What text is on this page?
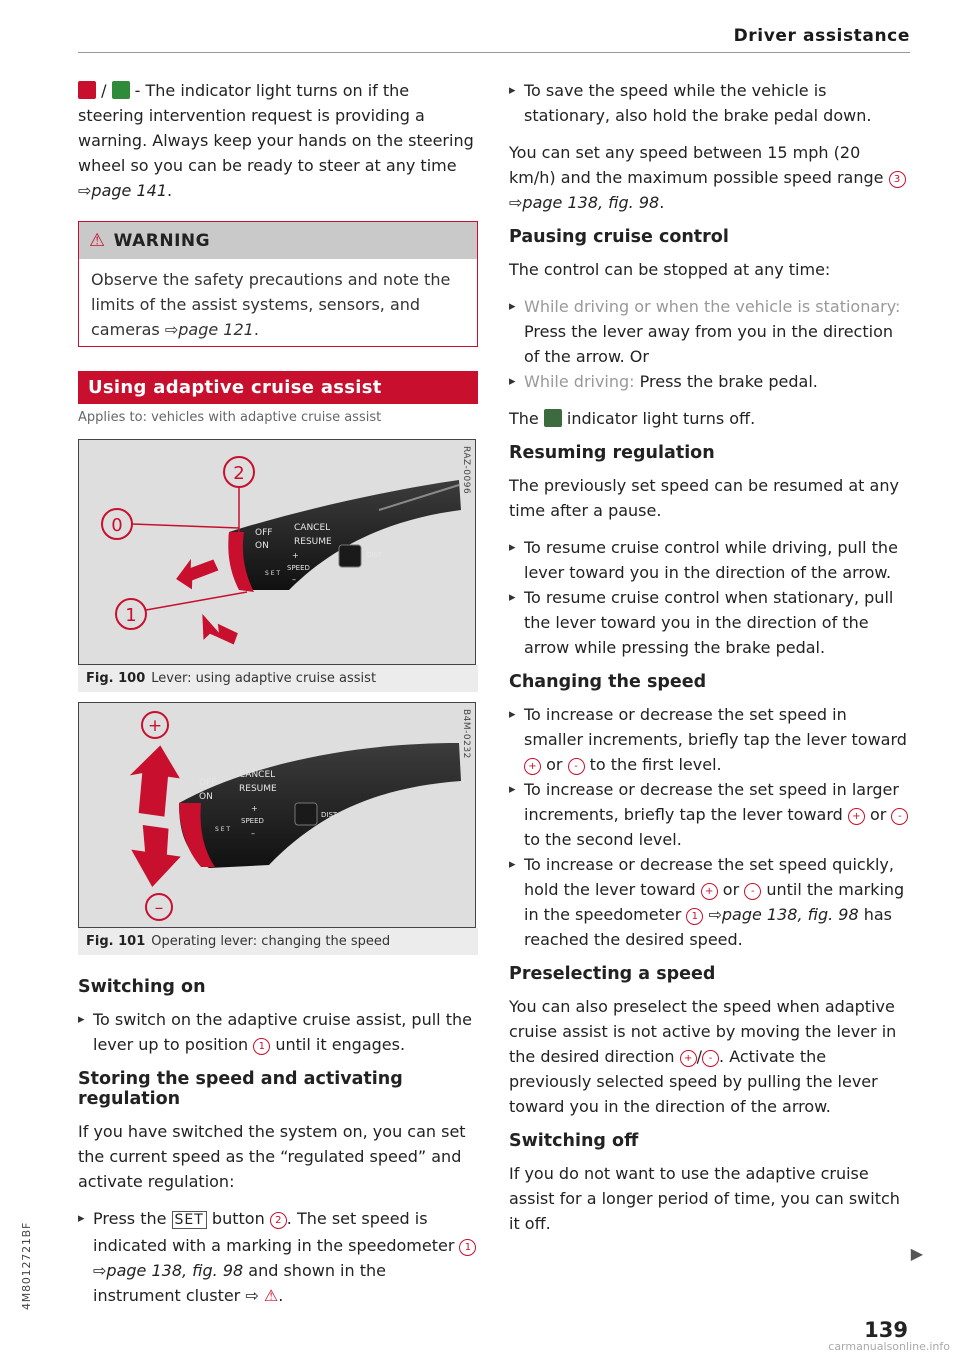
Driver assistance
4M8012721BF

/  - The indicator light turns on if the steering intervention request is providing a warning. Always keep your hands on the steering wheel so you can be ready to steer at any time ⇨page 141.

⚠ WARNING
Observe the safety precautions and note the limits of the assist systems, sensors, and cameras ⇨page 121.
Using adaptive cruise assist
Applies to: vehicles with adaptive cruise assist
RAZ-0096
OFF
ON
CANCEL
RESUME
+
SPEED
–
S E T
DIST
2
0
1
Fig. 100 Lever: using adaptive cruise assist
B4M-0232
OFF
ON
CANCEL
RESUME
+
SPEED
–
S E T
DIST
+
–
Fig. 101 Operating lever: changing the speed
Switching on

▸ To switch on the adaptive cruise assist, pull the lever up to position 1 until it engages.

Storing the speed and activating regulation

If you have switched the system on, you can set the current speed as the “regulated speed” and activate regulation:

▸ Press the SET button 2 . The set speed is indicated with a marking in the speedometer 1 ⇨page 138, fig. 98 and shown in the instrument cluster ⇨ ⚠.

▸ To save the speed while the vehicle is stationary, also hold the brake pedal down.

You can set any speed between 15 mph (20 km/h) and the maximum possible speed range 3 ⇨page 138, fig. 98.

Pausing cruise control

The control can be stopped at any time:

▸ While driving or when the vehicle is stationary: Press the lever away from you in the direction of the arrow. Or

▸ While driving: Press the brake pedal.

The  indicator light turns off.

Resuming regulation

The previously set speed can be resumed at any time after a pause.

▸ To resume cruise control while driving, pull the lever toward you in the direction of the arrow.

▸ To resume cruise control when stationary, pull the lever toward you in the direction of the arrow while pressing the brake pedal.

Changing the speed

▸ To increase or decrease the set speed in smaller increments, briefly tap the lever toward + or - to the first level.

▸ To increase or decrease the set speed in larger increments, briefly tap the lever toward + or - to the second level.

▸ To increase or decrease the set speed quickly, hold the lever toward + or - until the marking in the speedometer 1 ⇨page 138, fig. 98 has reached the desired speed.

Preselecting a speed

You can also preselect the speed when adaptive cruise assist is not active by moving the lever in the desired direction + / - . Activate the previously selected speed by pulling the lever toward you in the direction of the arrow.

Switching off

If you do not want to use the adaptive cruise assist for a longer period of time, you can switch it off.

▶
139
carmanualsonline.info
